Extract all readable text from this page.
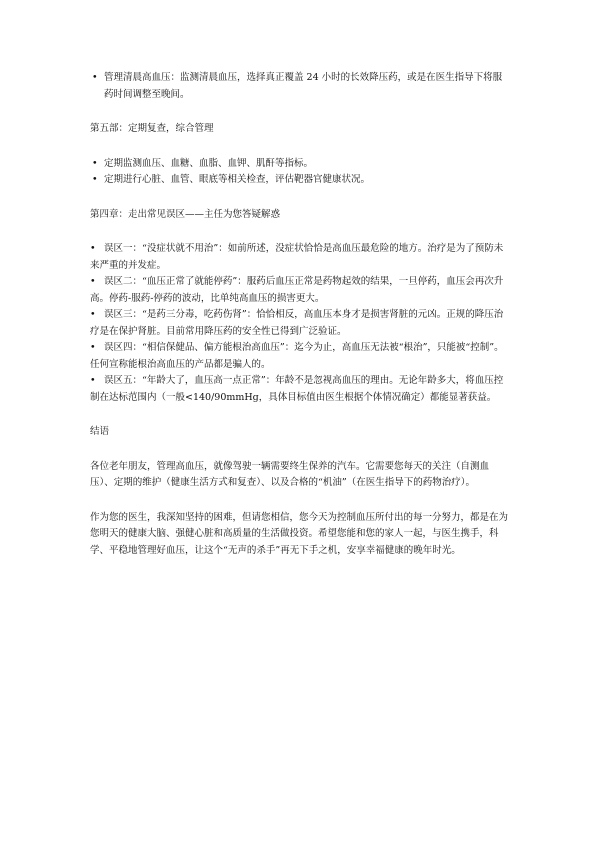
• 管理清晨高血压：监测清晨血压，选择真正覆盖 24 小时的长效降压药，或是在医生指导下将服药时间调整至晚间。

第五部：定期复查，综合管理

• 定期监测血压、血糖、血脂、血钾、肌酐等指标。
• 定期进行心脏、血管、眼底等相关检查，评估靶器官健康状况。

第四章：走出常见误区——主任为您答疑解惑

• 误区一：“没症状就不用治”：如前所述，没症状恰恰是高血压最危险的地方。治疗是为了预防未来严重的并发症。
• 误区二：“血压正常了就能停药”：服药后血压正常是药物起效的结果，一旦停药，血压会再次升高。停药-服药-停药的波动，比单纯高血压的损害更大。
• 误区三：“是药三分毒，吃药伤肾”：恰恰相反，高血压本身才是损害肾脏的元凶。正规的降压治疗是在保护肾脏。目前常用降压药的安全性已得到广泛验证。
• 误区四：“相信保健品、偏方能根治高血压”：迄今为止，高血压无法被“根治”，只能被“控制”。任何宣称能根治高血压的产品都是骗人的。
• 误区五：“年龄大了，血压高一点正常”：年龄不是忽视高血压的理由。无论年龄多大，将血压控制在达标范围内（一般<140/90mmHg，具体目标值由医生根据个体情况确定）都能显著获益。

结语

各位老年朋友，管理高血压，就像驾驶一辆需要终生保养的汽车。它需要您每天的关注（自测血压）、定期的维护（健康生活方式和复查）、以及合格的“机油”（在医生指导下的药物治疗）。

作为您的医生，我深知坚持的困难，但请您相信，您今天为控制血压所付出的每一分努力，都是在为您明天的健康大脑、强健心脏和高质量的生活做投资。希望您能和您的家人一起，与医生携手，科学、平稳地管理好血压，让这个“无声的杀手”再无下手之机，安享幸福健康的晚年时光。
